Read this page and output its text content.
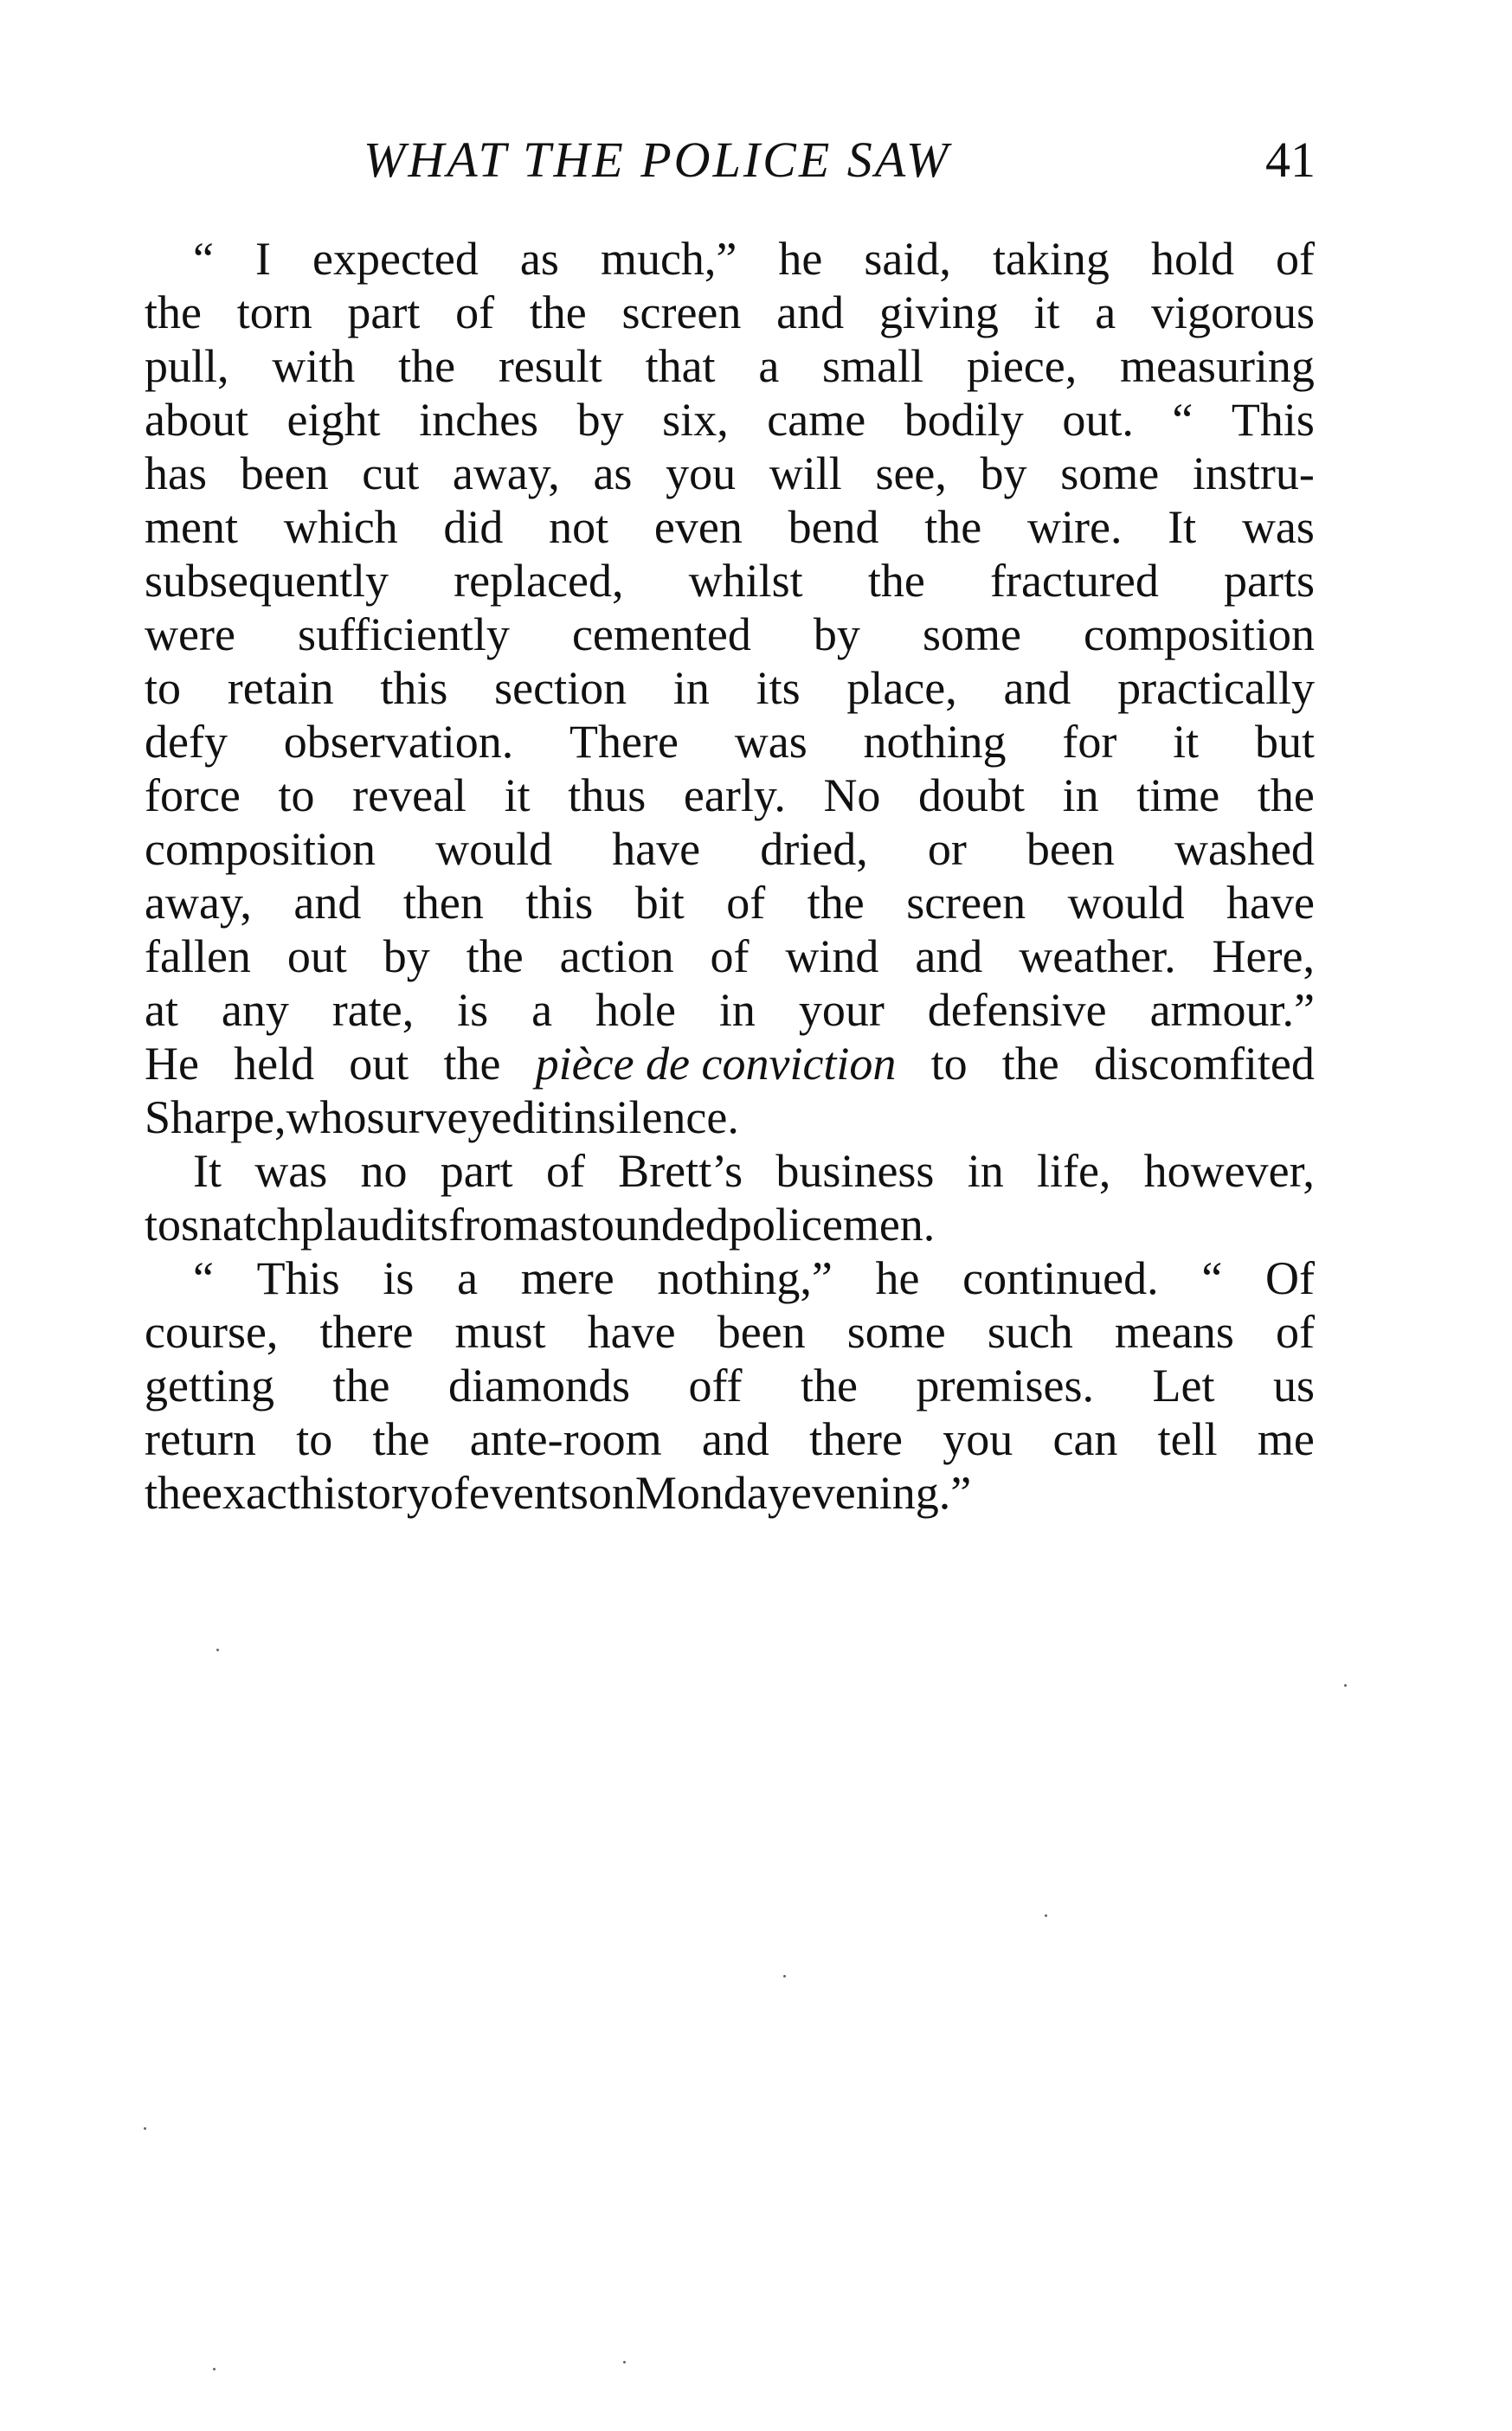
WHAT THE POLICE SAW	41
“ I expected as much,” he said, taking hold of
the torn part of the screen and giving it a vigorous
pull, with the result that a small piece, measuring
about eight inches by six, came bodily out. “ This
has been cut away, as you will see, by some instru-
ment which did not even bend the wire. It was
subsequently replaced, whilst the fractured parts
were sufficiently cemented by some composition
to retain this section in its place, and practically
defy observation. There was nothing for it but
force to reveal it thus early. No doubt in time the
composition would have dried, or been washed
away, and then this bit of the screen would have
fallen out by the action of wind and weather. Here,
at any rate, is a hole in your defensive armour.”
He held out the pièce de conviction to the discomfited
Sharpe, who surveyed it in silence.
It was no part of Brett’s business in life, however,
to snatch plaudits from astounded policemen.
“ This is a mere nothing,” he continued. “ Of
course, there must have been some such means of
getting the diamonds off the premises. Let us
return to the ante-room and there you can tell me
the exact history of events on Monday evening.”
